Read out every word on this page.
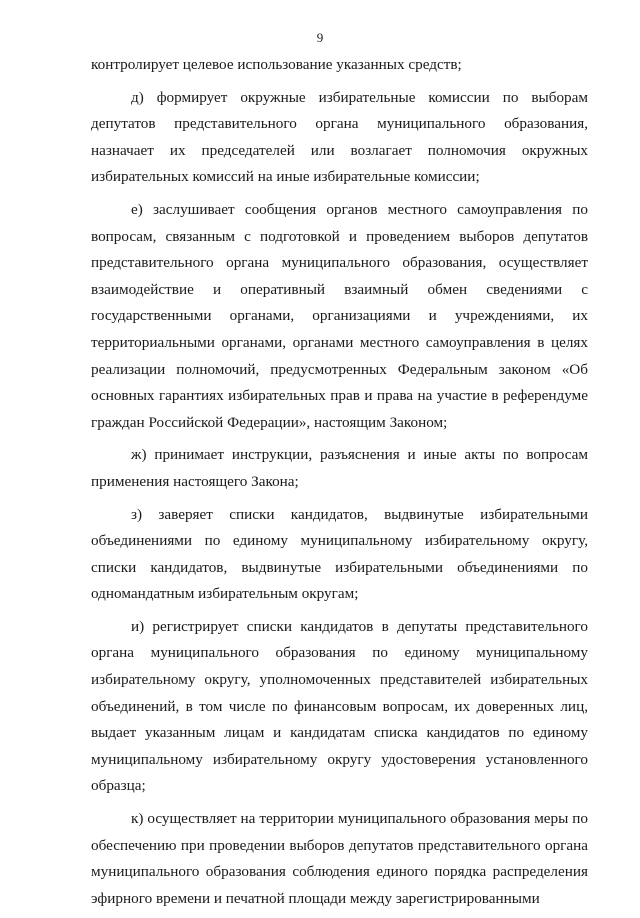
9

контролирует целевое использование указанных средств;

д) формирует окружные избирательные комиссии по выборам депутатов представительного органа муниципального образования, назначает их председателей или возлагает полномочия окружных избирательных комиссий на иные избирательные комиссии;

е) заслушивает сообщения органов местного самоуправления по вопросам, связанным с подготовкой и проведением выборов депутатов представительного органа муниципального образования, осуществляет взаимодействие и оперативный взаимный обмен сведениями с государственными органами, организациями и учреждениями, их территориальными органами, органами местного самоуправления в целях реализации полномочий, предусмотренных Федеральным законом «Об основных гарантиях избирательных прав и права на участие в референдуме граждан Российской Федерации», настоящим Законом;

ж) принимает инструкции, разъяснения и иные акты по вопросам применения настоящего Закона;

з) заверяет списки кандидатов, выдвинутые избирательными объединениями по единому муниципальному избирательному округу, списки кандидатов, выдвинутые избирательными объединениями по одномандатным избирательным округам;

и) регистрирует списки кандидатов в депутаты представительного органа муниципального образования по единому муниципальному избирательному округу, уполномоченных представителей избирательных объединений, в том числе по финансовым вопросам, их доверенных лиц, выдает указанным лицам и кандидатам списка кандидатов по единому муниципальному избирательному округу удостоверения установленного образца;

к) осуществляет на территории муниципального образования меры по обеспечению при проведении выборов депутатов представительного органа муниципального образования соблюдения единого порядка распределения эфирного времени и печатной площади между зарегистрированными
